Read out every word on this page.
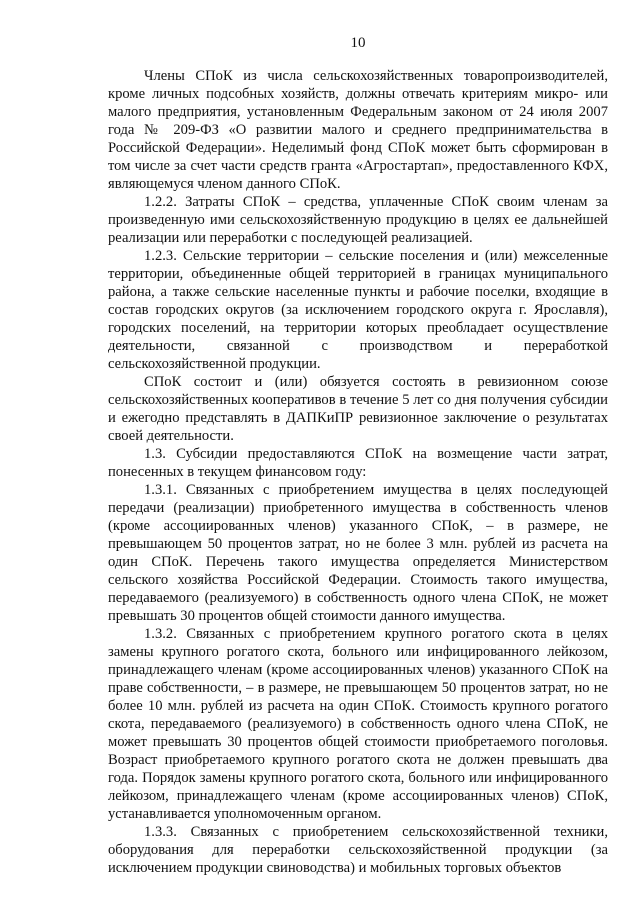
10

Члены СПоК из числа сельскохозяйственных товаропроизводителей, кроме личных подсобных хозяйств, должны отвечать критериям микро- или малого предприятия, установленным Федеральным законом от 24 июля 2007 года № 209-ФЗ «О развитии малого и среднего предпринимательства в Российской Федерации». Неделимый фонд СПоК может быть сформирован в том числе за счет части средств гранта «Агростартап», предоставленного КФХ, являющемуся членом данного СПоК.

1.2.2. Затраты СПоК – средства, уплаченные СПоК своим членам за произведенную ими сельскохозяйственную продукцию в целях ее дальнейшей реализации или переработки с последующей реализацией.

1.2.3. Сельские территории – сельские поселения и (или) межселенные территории, объединенные общей территорией в границах муниципального района, а также сельские населенные пункты и рабочие поселки, входящие в состав городских округов (за исключением городского округа г. Ярославля), городских поселений, на территории которых преобладает осуществление деятельности, связанной с производством и переработкой сельскохозяйственной продукции.

СПоК состоит и (или) обязуется состоять в ревизионном союзе сельскохозяйственных кооперативов в течение 5 лет со дня получения субсидии и ежегодно представлять в ДАПКиПР ревизионное заключение о результатах своей деятельности.

1.3. Субсидии предоставляются СПоК на возмещение части затрат, понесенных в текущем финансовом году:

1.3.1. Связанных с приобретением имущества в целях последующей передачи (реализации) приобретенного имущества в собственность членов (кроме ассоциированных членов) указанного СПоК, – в размере, не превышающем 50 процентов затрат, но не более 3 млн. рублей из расчета на один СПоК. Перечень такого имущества определяется Министерством сельского хозяйства Российской Федерации. Стоимость такого имущества, передаваемого (реализуемого) в собственность одного члена СПоК, не может превышать 30 процентов общей стоимости данного имущества.

1.3.2. Связанных с приобретением крупного рогатого скота в целях замены крупного рогатого скота, больного или инфицированного лейкозом, принадлежащего членам (кроме ассоциированных членов) указанного СПоК на праве собственности, – в размере, не превышающем 50 процентов затрат, но не более 10 млн. рублей из расчета на один СПоК. Стоимость крупного рогатого скота, передаваемого (реализуемого) в собственность одного члена СПоК, не может превышать 30 процентов общей стоимости приобретаемого поголовья. Возраст приобретаемого крупного рогатого скота не должен превышать два года. Порядок замены крупного рогатого скота, больного или инфицированного лейкозом, принадлежащего членам (кроме ассоциированных членов) СПоК, устанавливается уполномоченным органом.

1.3.3. Связанных с приобретением сельскохозяйственной техники, оборудования для переработки сельскохозяйственной продукции (за исключением продукции свиноводства) и мобильных торговых объектов
